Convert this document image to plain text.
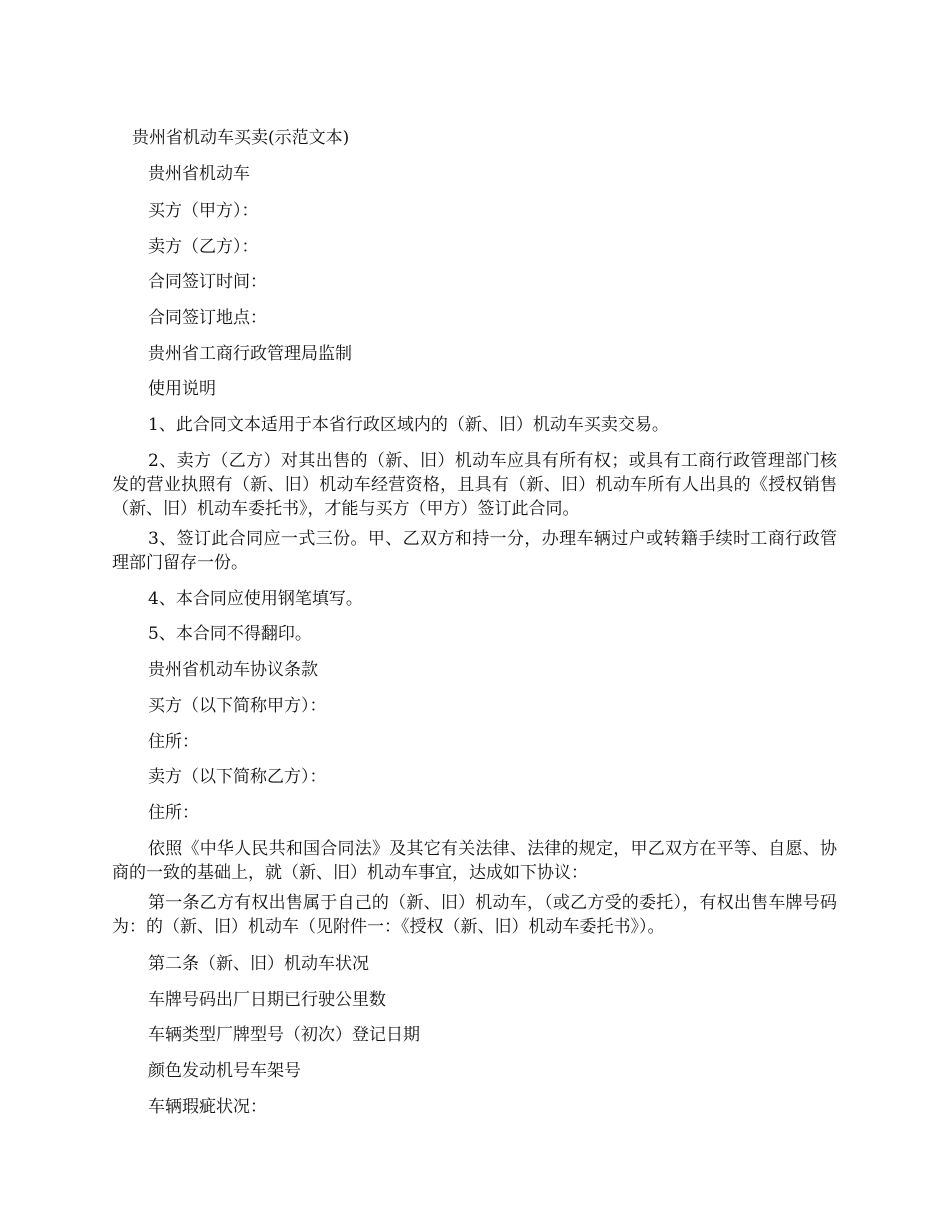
贵州省机动车买卖(示范文本)

贵州省机动车

买方（甲方）：

卖方（乙方）：

合同签订时间：

合同签订地点：

贵州省工商行政管理局监制

使用说明

1、此合同文本适用于本省行政区域内的（新、旧）机动车买卖交易。

2、卖方（乙方）对其出售的（新、旧）机动车应具有所有权；或具有工商行政管理部门核发的营业执照有（新、旧）机动车经营资格，且具有（新、旧）机动车所有人出具的《授权销售（新、旧）机动车委托书》，才能与买方（甲方）签订此合同。

3、签订此合同应一式三份。甲、乙双方和持一分，办理车辆过户或转籍手续时工商行政管理部门留存一份。

4、本合同应使用钢笔填写。

5、本合同不得翻印。

贵州省机动车协议条款

买方（以下简称甲方）：

住所：

卖方（以下简称乙方）：

住所：

依照《中华人民共和国合同法》及其它有关法律、法律的规定，甲乙双方在平等、自愿、协商的一致的基础上，就（新、旧）机动车事宜，达成如下协议：

第一条乙方有权出售属于自己的（新、旧）机动车，（或乙方受的委托），有权出售车牌号码为：的（新、旧）机动车（见附件一：《授权（新、旧）机动车委托书》）。

第二条（新、旧）机动车状况

车牌号码出厂日期已行驶公里数

车辆类型厂牌型号（初次）登记日期

颜色发动机号车架号

车辆瑕疵状况：
